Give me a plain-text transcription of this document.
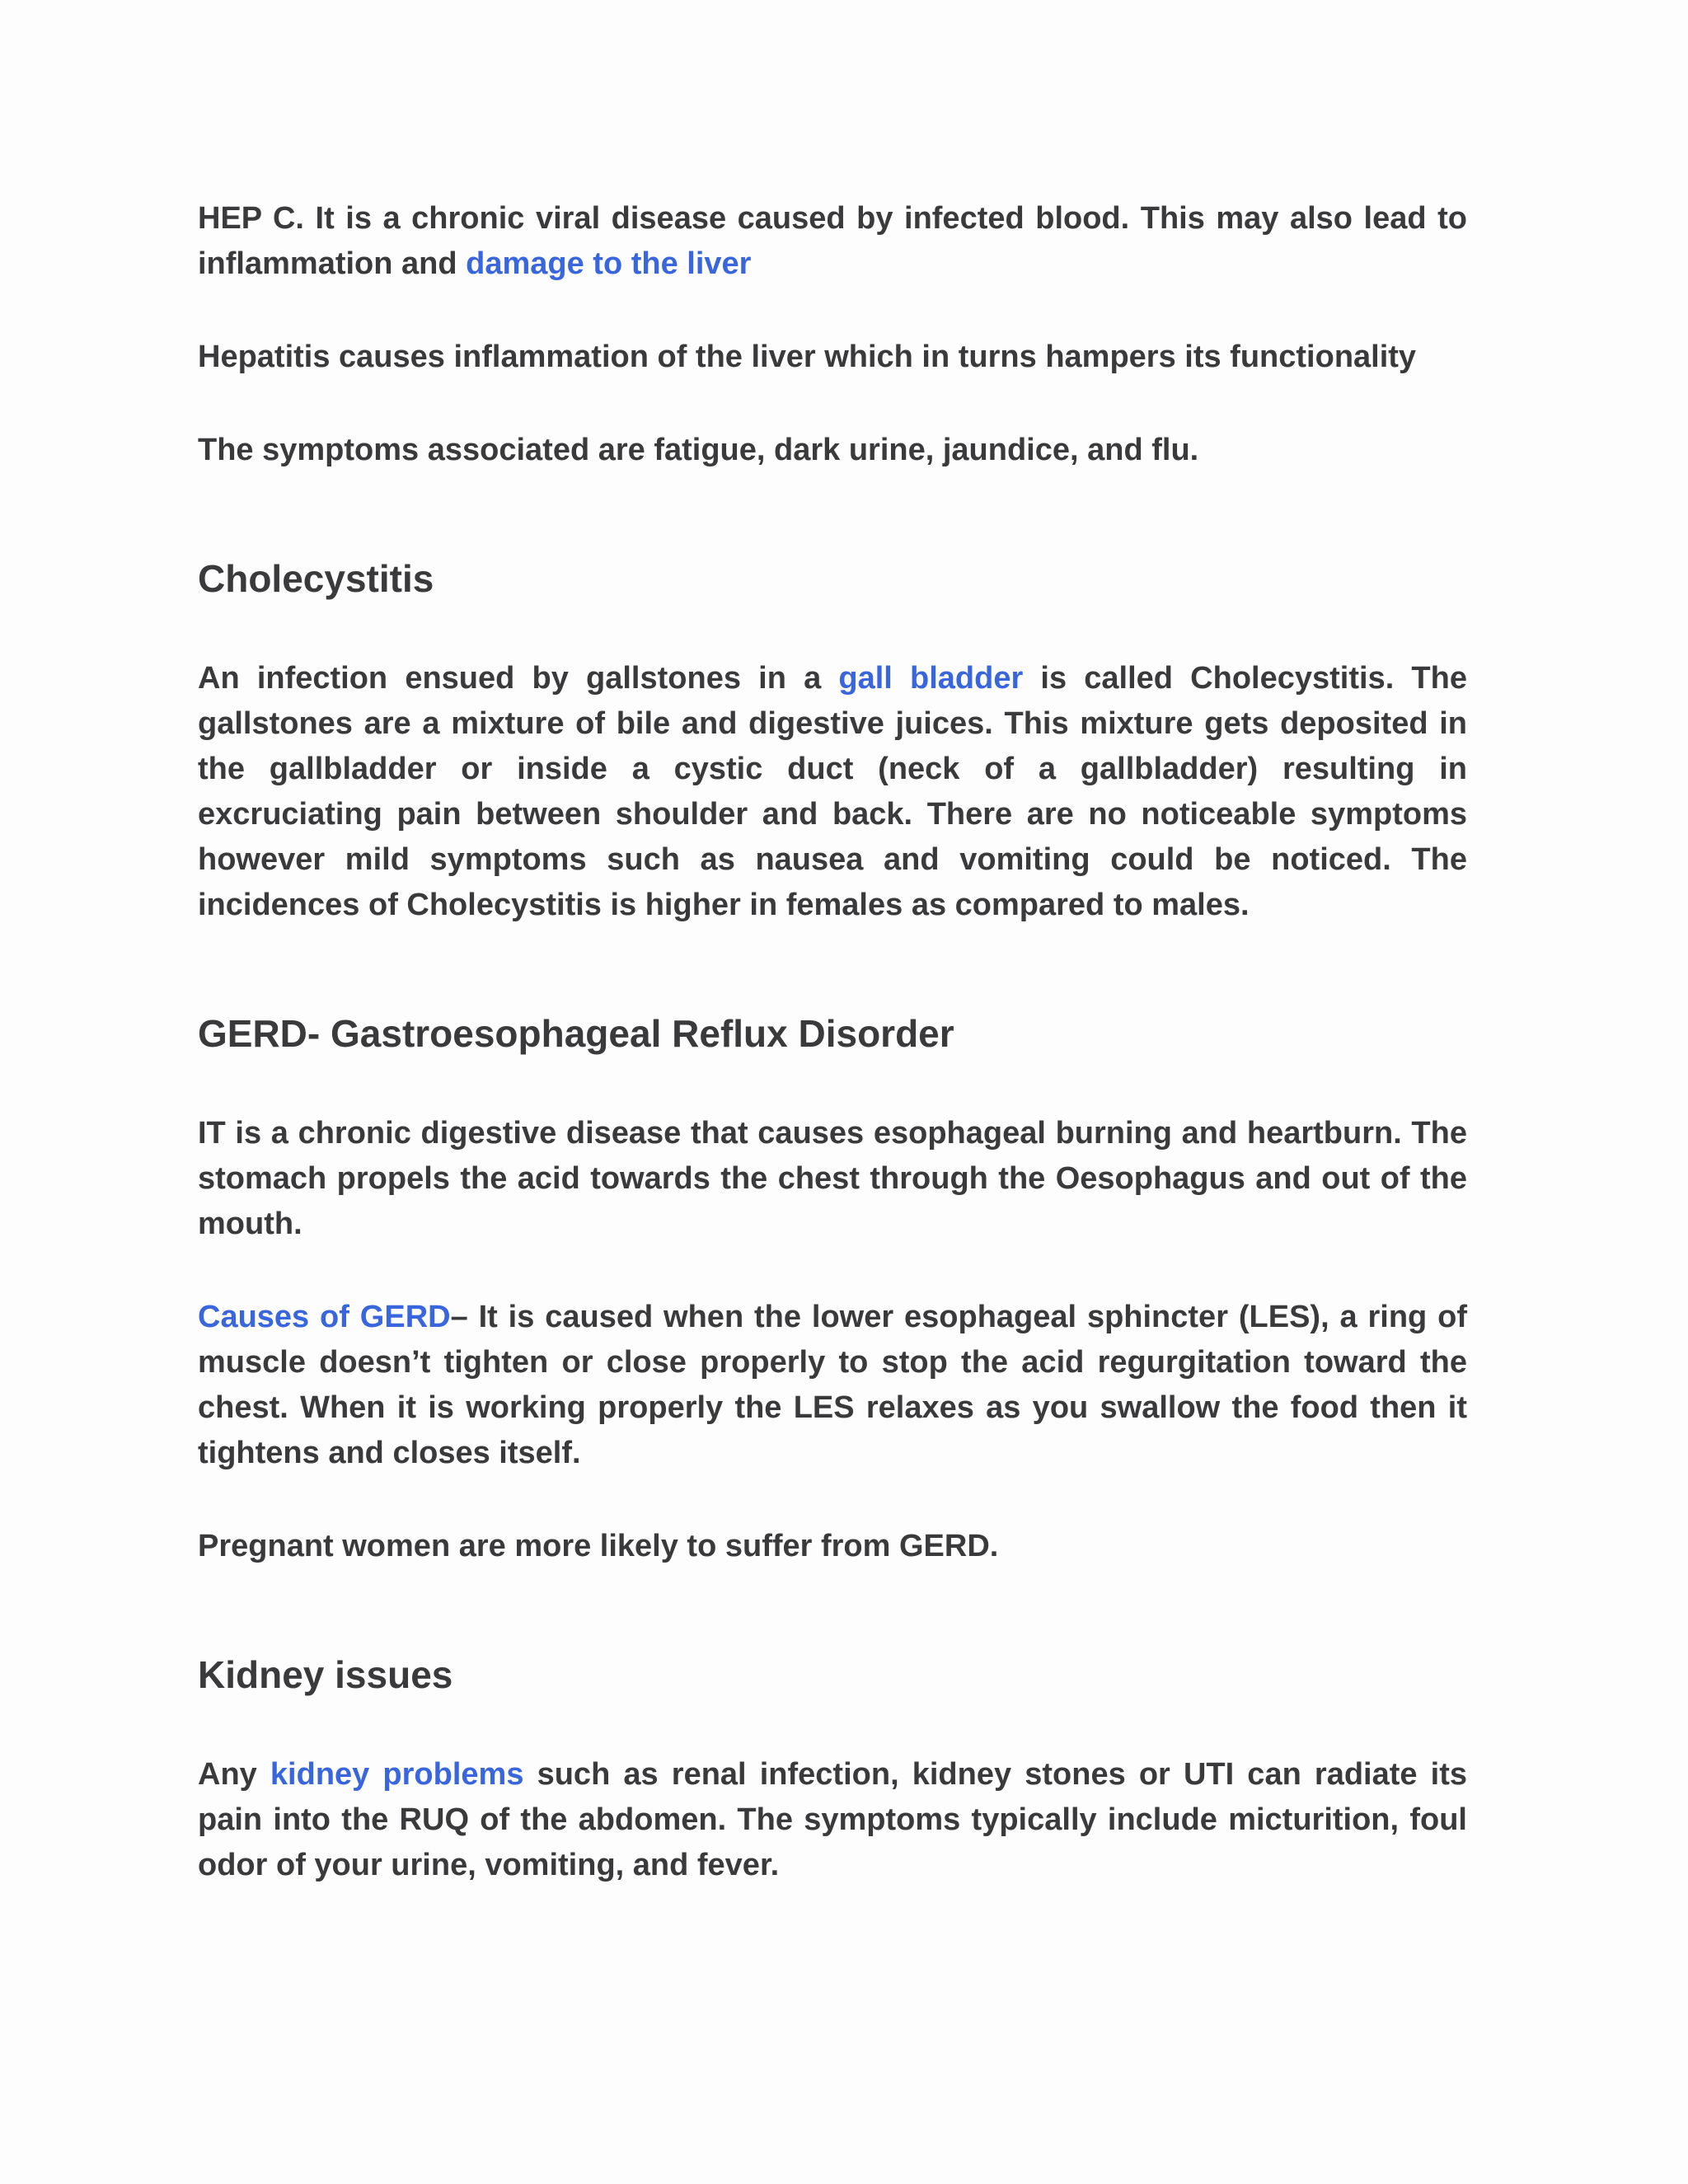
HEP C. It is a chronic viral disease caused by infected blood. This may also lead to inflammation and damage to the liver

Hepatitis causes inflammation of the liver which in turns hampers its functionality

The symptoms associated are fatigue, dark urine, jaundice, and flu.

Cholecystitis

An infection ensued by gallstones in a gall bladder is called Cholecystitis. The gallstones are a mixture of bile and digestive juices. This mixture gets deposited in the gallbladder or inside a cystic duct (neck of a gallbladder) resulting in excruciating pain between shoulder and back. There are no noticeable symptoms however mild symptoms such as nausea and vomiting could be noticed. The incidences of Cholecystitis is higher in females as compared to males.

GERD- Gastroesophageal Reflux Disorder

IT is a chronic digestive disease that causes esophageal burning and heartburn. The stomach propels the acid towards the chest through the Oesophagus and out of the mouth.

Causes of GERD– It is caused when the lower esophageal sphincter (LES), a ring of muscle doesn’t tighten or close properly to stop the acid regurgitation toward the chest. When it is working properly the LES relaxes as you swallow the food then it tightens and closes itself.

Pregnant women are more likely to suffer from GERD.

Kidney issues

Any kidney problems such as renal infection, kidney stones or UTI can radiate its pain into the RUQ of the abdomen. The symptoms typically include micturition, foul odor of your urine, vomiting, and fever.
